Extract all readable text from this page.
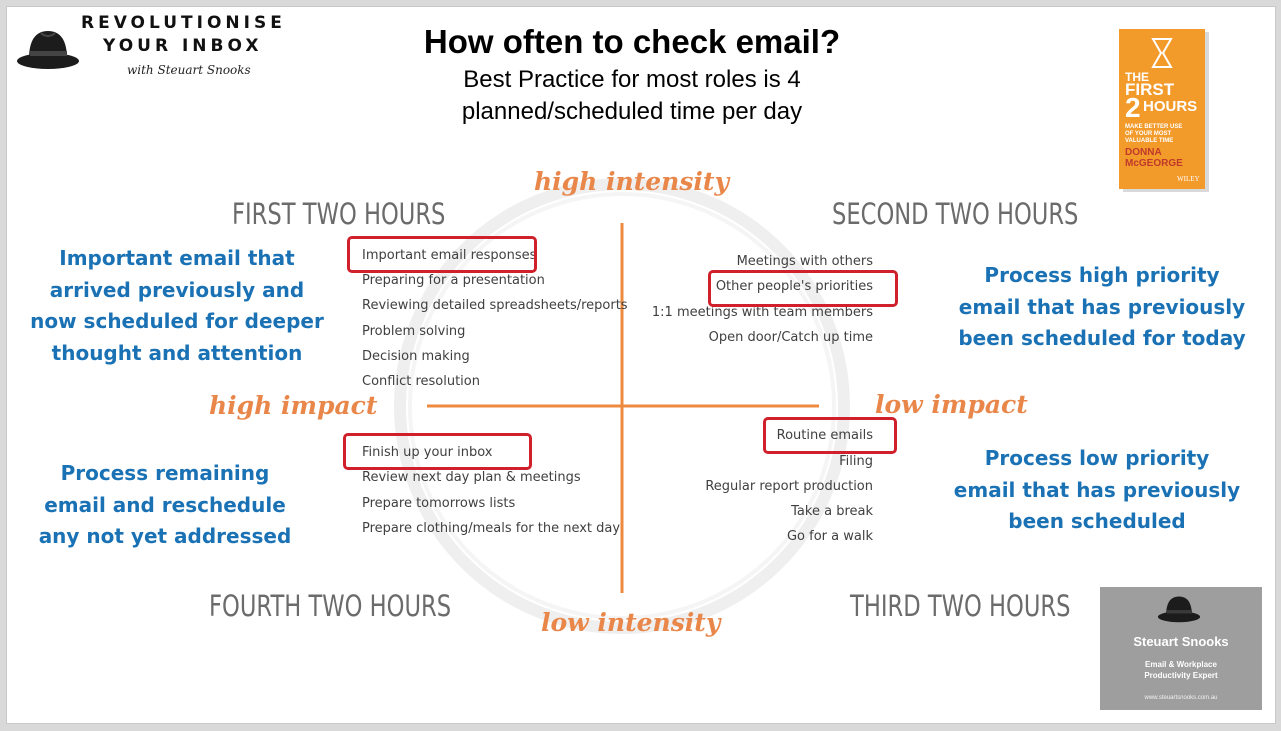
REVOLUTIONISE
YOUR INBOX
with Steuart Snooks
How often to check email?
Best Practice for most roles is 4
planned/scheduled time per day
THE
FIRST
2 HOURS
MAKE BETTER USE
OF YOUR MOST
VALUABLE TIME
DONNA
McGEORGE
WILEY
high intensity
low intensity
high impact	low impact
FIRST TWO HOURS	SECOND TWO HOURS
THIRD TWO HOURS
FOURTH TWO HOURS
Important email responses
Preparing for a presentation
Reviewing detailed spreadsheets/reports
Problem solving
Decision making
Conflict resolution
Meetings with others
Other people's priorities
1:1 meetings with team members
Open door/Catch up time
Routine emails
Filing
Regular report production
Take a break
Go for a walk
Finish up your inbox
Review next day plan & meetings
Prepare tomorrows lists
Prepare clothing/meals for the next day
Important email that
arrived previously and
now scheduled for deeper
thought and attention
Process high priority
email that has previously
been scheduled for today
Process low priority
email that has previously
been scheduled
Process remaining
email and reschedule
any not yet addressed
Steuart Snooks
Email & Workplace
Productivity Expert
www.steuartsnooks.com.au
